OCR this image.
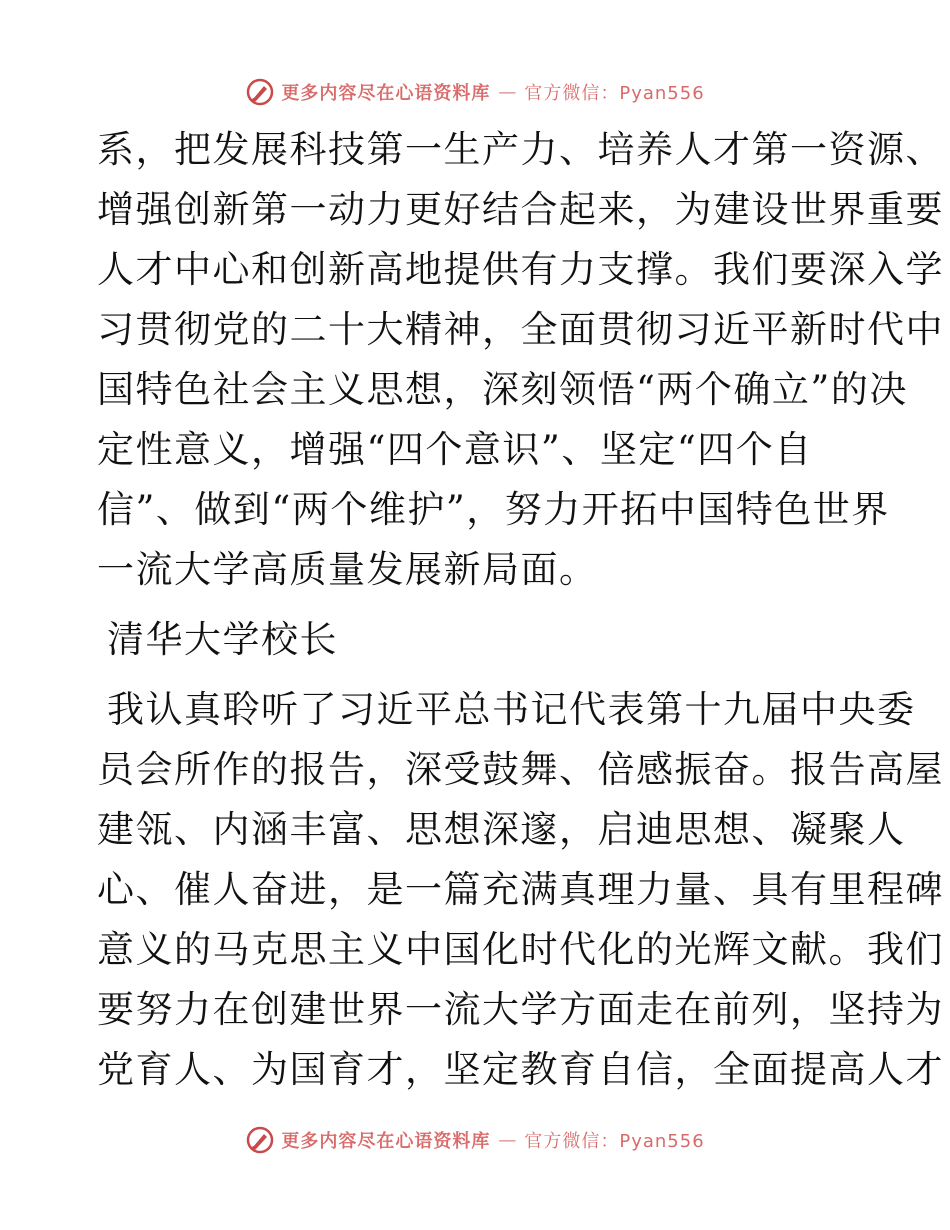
更多内容尽在心语资料库 — 官方微信：Pyan556
系，把发展科技第一生产力、培养人才第一资源、
增强创新第一动力更好结合起来，为建设世界重要
人才中心和创新高地提供有力支撑。我们要深入学
习贯彻党的二十大精神，全面贯彻习近平新时代中
国特色社会主义思想，深刻领悟“两个确立”的决
定性意义，增强“四个意识”、坚定“四个自
信”、做到“两个维护”，努力开拓中国特色世界
一流大学高质量发展新局面。
清华大学校长
我认真聆听了习近平总书记代表第十九届中央委
员会所作的报告，深受鼓舞、倍感振奋。报告高屋
建瓴、内涵丰富、思想深邃，启迪思想、凝聚人
心、催人奋进，是一篇充满真理力量、具有里程碑
意义的马克思主义中国化时代化的光辉文献。我们
要努力在创建世界一流大学方面走在前列，坚持为
党育人、为国育才，坚定教育自信，全面提高人才
更多内容尽在心语资料库 — 官方微信：Pyan556
